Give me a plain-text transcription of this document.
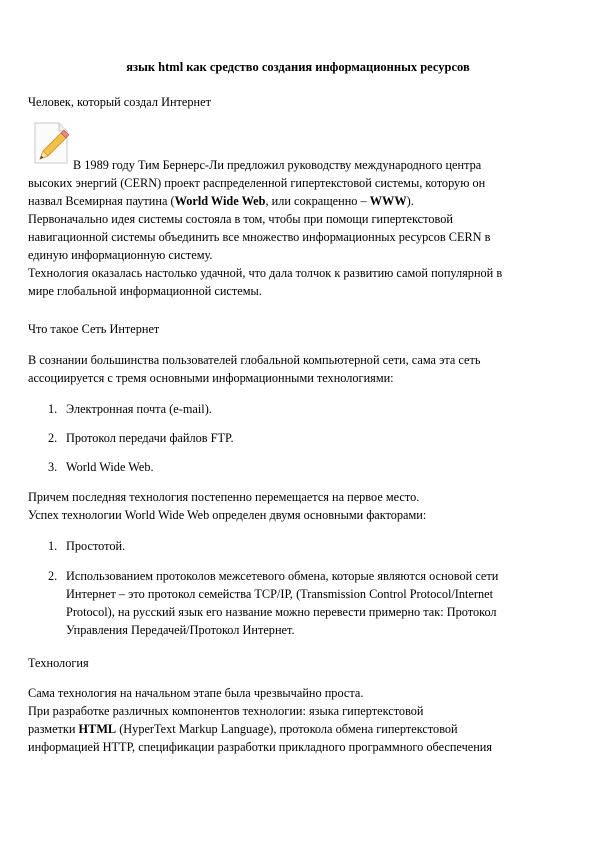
язык html как средство создания информационных ресурсов
Человек, который создал Интернет
В 1989 году Тим Бернерс-Ли предложил руководству международного центра
высоких энергий (CERN) проект распределенной гипертекстовой системы, которую он
назвал Всемирная паутина (World Wide Web, или сокращенно – WWW).
Первоначально идея системы состояла в том, чтобы при помощи гипертекстовой
навигационной системы объединить все множество информационных ресурсов CERN в
единую информационную систему.
Технология оказалась настолько удачной, что дала толчок к развитию самой популярной в
мире глобальной информационной системы.
Что такое Сеть Интернет
В сознании большинства пользователей глобальной компьютерной сети, сама эта сеть
ассоциируется с тремя основными информационными технологиями:
1. Электронная почта (e-mail).
2. Протокол передачи файлов FTP.
3. World Wide Web.
Причем последняя технология постепенно перемещается на первое место.
Успех технологии World Wide Web определен двумя основными факторами:
1. Простотой.
2. Использованием протоколов межсетевого обмена, которые являются основой сети
Интернет – это протокол семейства TCP/IP, (Transmission Control Protocol/Internet
Protocol), на русский язык его название можно перевести примерно так: Протокол
Управления Передачей/Протокол Интернет.
Технология
Сама технология на начальном этапе была чрезвычайно проста.
При разработке различных компонентов технологии: языка гипертекстовой
разметки HTML (HyperText Markup Language), протокола обмена гипертекстовой
информацией HTTP, спецификации разработки прикладного программного обеспечения
